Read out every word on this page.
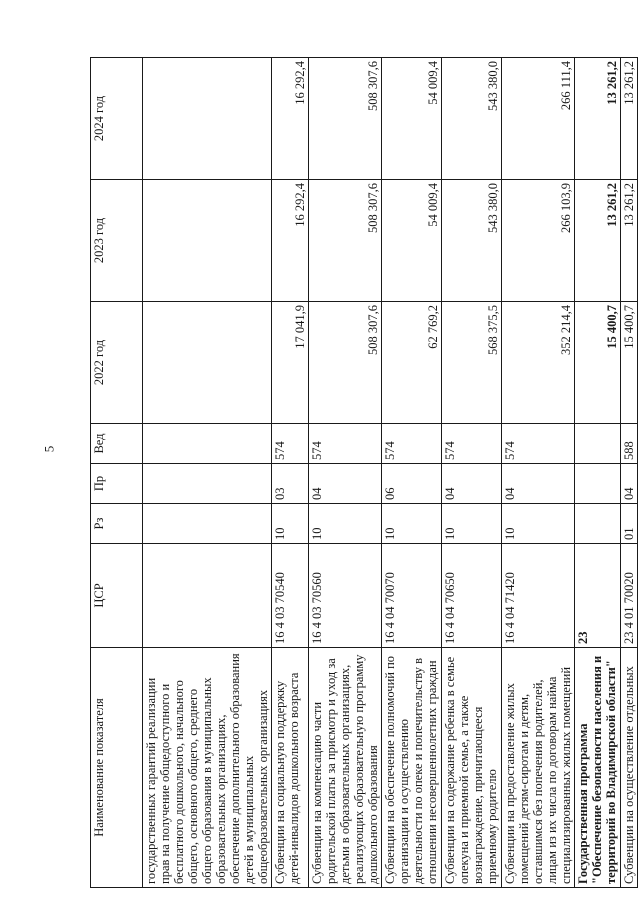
5
Наименование показателя	ЦСР	Рз	Пр	Вед	2022 год	2023 год	2024 год
государственных гарантий реализации прав на получение общедоступного и бесплатного дошкольного, начального общего, основного общего, среднего общего образования в муниципальных образовательных организациях, обеспечение дополнительного образования детей в муниципальных общеобразовательных организациях							
Субвенции на социальную поддержку детей-инвалидов дошкольного возраста	16 4 03 70540	10	03	574	17 041,9	16 292,4	16 292,4
Субвенции на компенсацию части родительской платы за присмотр и уход за детьми в образовательных организациях, реализующих образовательную программу дошкольного образования	16 4 03 70560	10	04	574	508 307,6	508 307,6	508 307,6
Субвенции на обеспечение полномочий по организации и осуществлению деятельности по опеке и попечительству в отношении несовершеннолетних граждан	16 4 04 70070	10	06	574	62 769,2	54 009,4	54 009,4
Субвенции на содержание ребенка в семье опекуна и приемной семье, а также вознаграждение, причитающееся приемному родителю	16 4 04 70650	10	04	574	568 375,5	543 380,0	543 380,0
Субвенции на предоставление жилых помещений детям-сиротам и детям, оставшимся без попечения родителей, лицам из их числа по договорам найма специализированных жилых помещений	16 4 04 71420	10	04	574	352 214,4	266 103,9	266 111,4
Государственная программа "Обеспечение безопасности населения и территорий во Владимирской области"	23				15 400,7	13 261,2	13 261,2
Субвенции на осуществление отдельных	23 4 01 70020	01	04	588	15 400,7	13 261,2	13 261,2
